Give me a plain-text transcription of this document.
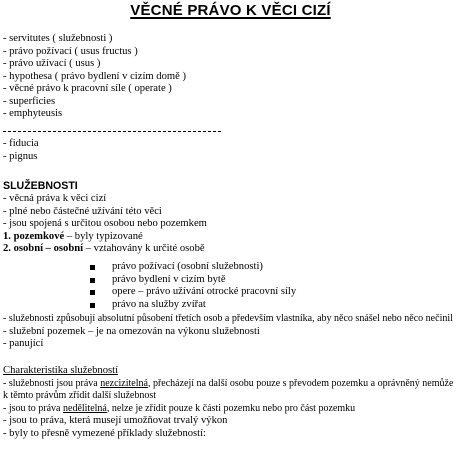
VĚCNÉ PRÁVO K VĚCI CIZÍ
- servitutes ( služebnosti )
- právo požívací ( usus fructus )
- právo užívací ( usus )
- hypothesa ( právo bydlení v cizím domě )
- věcné právo k pracovní síle ( operate )
- superficies
- emphyteusis
- fiducia
- pignus
SLUŽEBNOSTI
- věcná práva k věci cizí
- plné nebo částečné užívání této věci
- jsou spojená s určitou osobou nebo pozemkem
1. pozemkové – byly typizované
2. osobní – osobní – vztahovány k určité osobě
právo požívací (osobní služebnosti)
právo bydlení v cizím bytě
opere – právo užívání otrocké pracovní síly
právo na služby zvířat
- služebnosti způsobují absolutní působení třetích osob a především vlastníka, aby něco snášel nebo něco nečinil
- služební pozemek – je na omezován na výkonu služebnosti
- panující
Charakteristika služebností
- služebnosti jsou práva nezcizitelná, přecházejí na další osobu pouze s převodem pozemku a oprávněný nemůže k těmto právům zřídit další služebnost
- jsou to práva nedělitelná, nelze je zřídit pouze k části pozemku nebo pro část pozemku
- jsou to práva, která musejí umožňovat trvalý výkon
- byly to přesně vymezené příklady služebností:
